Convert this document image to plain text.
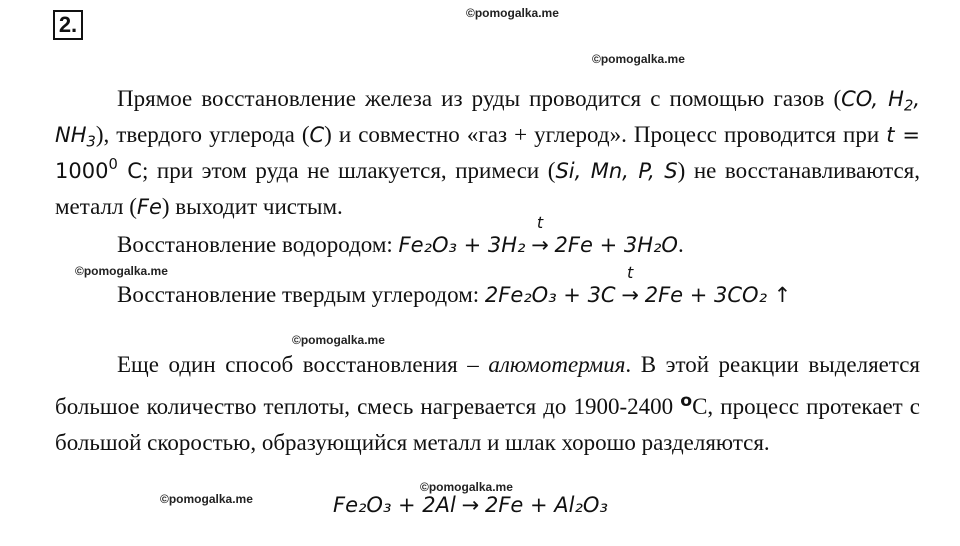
2.	©pomogalka.me
©pomogalka.me
©pomogalka.me
©pomogalka.me
©pomogalka.me
©pomogalka.me

Прямое восстановление железа из руды проводится с помощью газов (CO, $H_2$, $NH_3$), твердого углерода (C) и совместно «газ + углерод». Процесс проводится при $t = 1000^0$ C; при этом руда не шлакуется, примеси (Si, Mn, P, S) не восстанавливаются, металл (Fe) выходит чистым.

Восстановление водородом: Fe₂O₃ + 3H₂
t
→ 2Fe + 3H₂O.
Восстановление твердым углеродом: 2Fe₂O₃ + 3C
t
→ 2Fe + 3CO₂ ↑

Еще один способ восстановления – алюмотермия. В этой реакции выделяется большое количество теплоты, смесь нагревается до 1900-2400 $^o$C, процесс протекает с большой скоростью, образующийся металл и шлак хорошо разделяются.

Fe₂O₃ + 2Al → 2Fe + Al₂O₃
